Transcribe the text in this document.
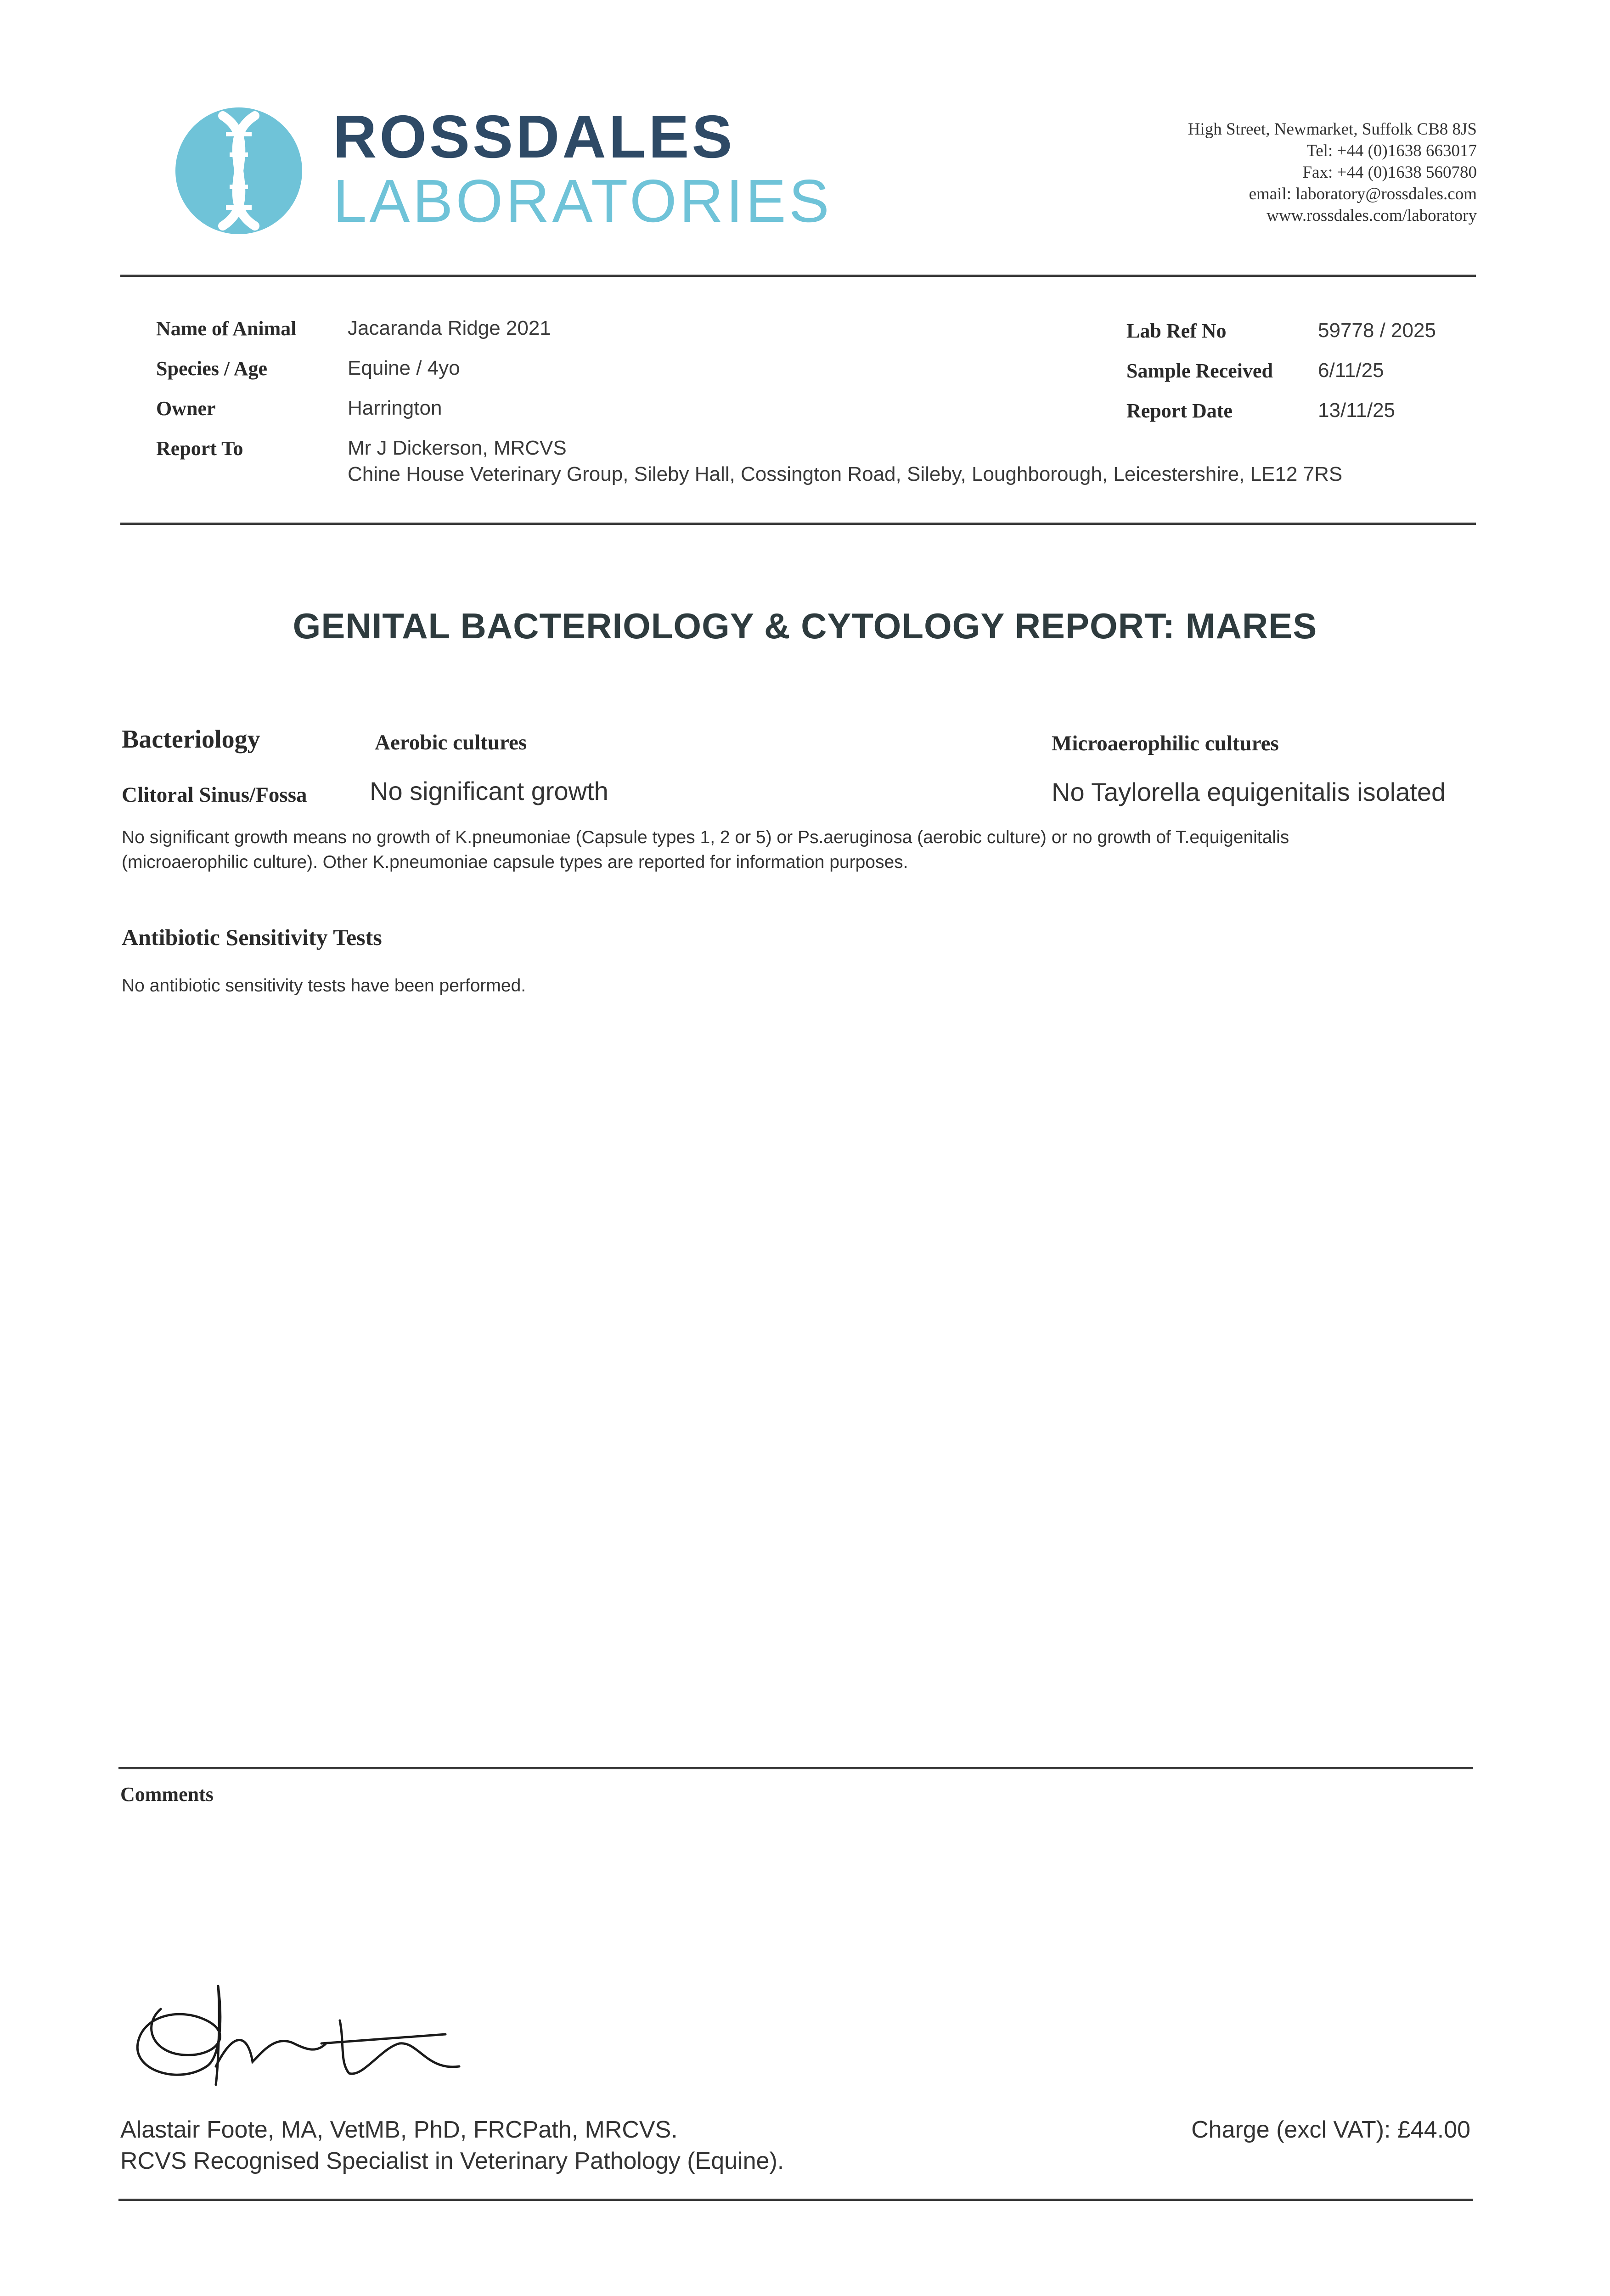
ROSSDALES
LABORATORIES
High Street, Newmarket, Suffolk CB8 8JS
Tel: +44 (0)1638 663017
Fax: +44 (0)1638 560780
email: laboratory@rossdales.com
www.rossdales.com/laboratory
Name of Animal	Jacaranda Ridge 2021
Species / Age	Equine / 4yo
Owner	Harrington
Report To	Mr J Dickerson, MRCVS
Chine House Veterinary Group, Sileby Hall, Cossington Road, Sileby, Loughborough, Leicestershire, LE12 7RS
Lab Ref No	59778 / 2025
Sample Received 6/11/25
Report Date	13/11/25
GENITAL BACTERIOLOGY & CYTOLOGY REPORT: MARES
Bacteriology	Aerobic cultures	Microaerophilic cultures
Clitoral Sinus/Fossa No significant growth	No Taylorella equigenitalis isolated
No significant growth means no growth of K.pneumoniae (Capsule types 1, 2 or 5) or Ps.aeruginosa (aerobic culture) or no growth of T.equigenitalis
(microaerophilic culture). Other K.pneumoniae capsule types are reported for information purposes.
Antibiotic Sensitivity Tests
No antibiotic sensitivity tests have been performed.
Comments
Alastair Foote, MA, VetMB, PhD, FRCPath, MRCVS.
RCVS Recognised Specialist in Veterinary Pathology (Equine).
Charge (excl VAT): £44.00
